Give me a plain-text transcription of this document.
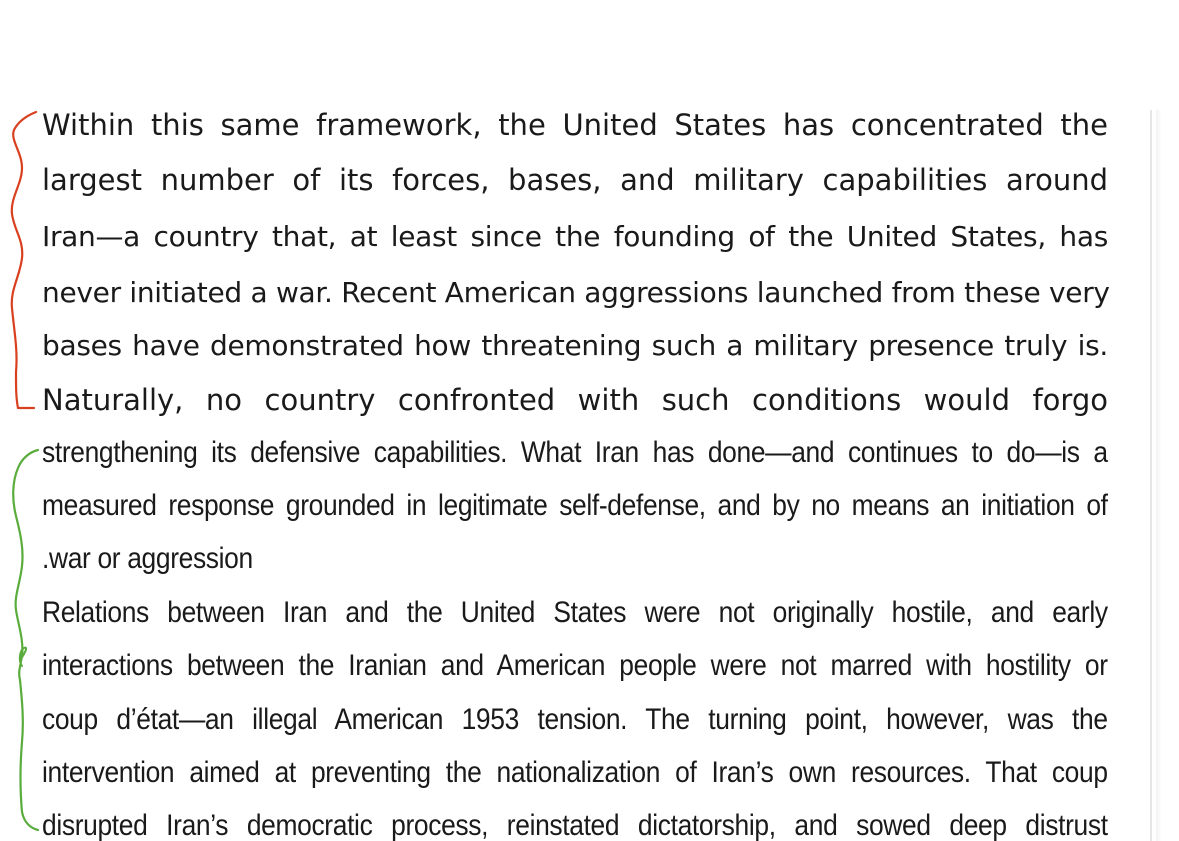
Within this same framework, the United States has concentrated the

largest number of its forces, bases, and military capabilities around

Iran—a country that, at least since the founding of the United States, has

never initiated a war. Recent American aggressions launched from these very

bases have demonstrated how threatening such a military presence truly is.

Naturally, no country confronted with such conditions would forgo

strengthening its defensive capabilities. What Iran has done—and continues to do—is a

measured response grounded in legitimate self-defense, and by no means an initiation of

.war or aggression

Relations between Iran and the United States were not originally hostile, and early

interactions between the Iranian and American people were not marred with hostility or

coup d’état—an illegal American 1953 tension. The turning point, however, was the

intervention aimed at preventing the nationalization of Iran’s own resources. That coup

disrupted Iran’s democratic process, reinstated dictatorship, and sowed deep distrust
